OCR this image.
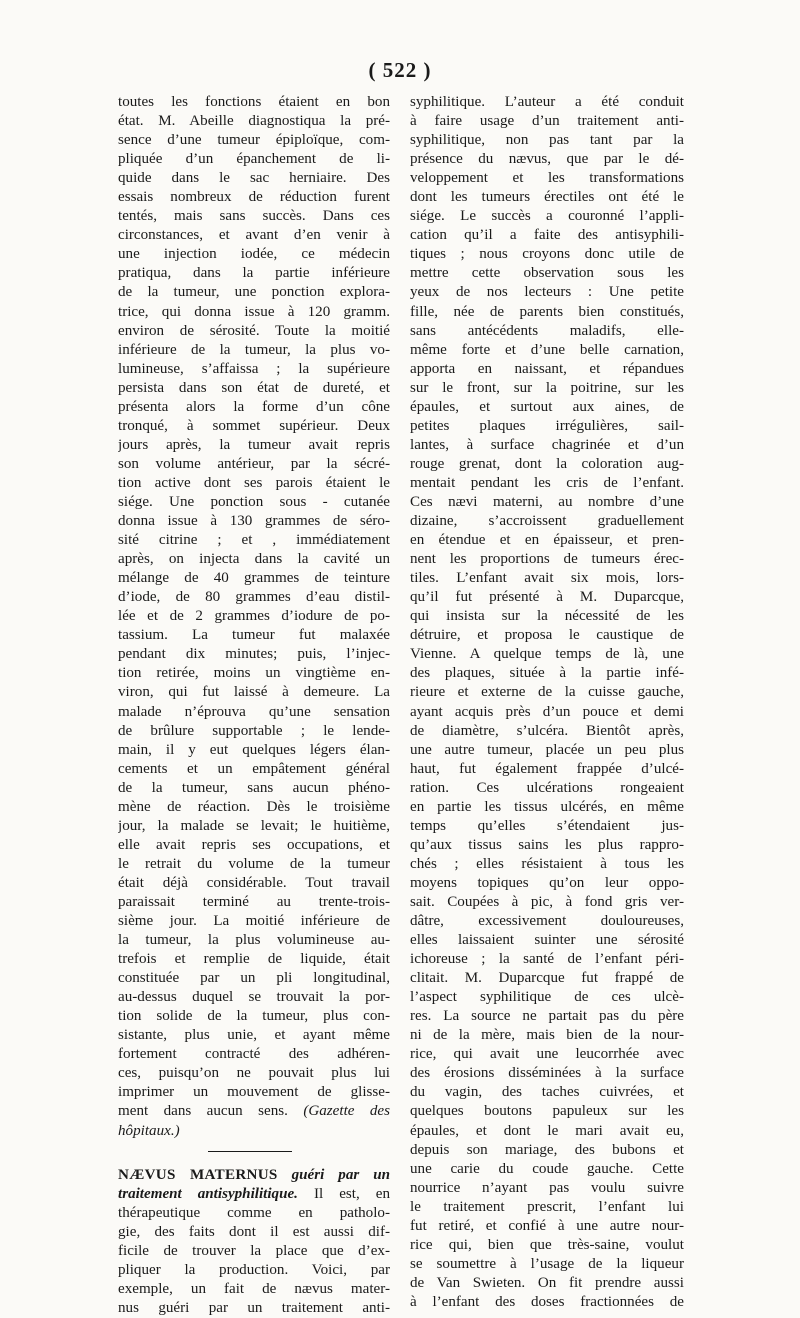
( 522 )
toutes les fonctions étaient en bon
état. M. Abeille diagnostiqua la pré-
sence d’une tumeur épiploïque, com-
pliquée d’un épanchement de li-
quide dans le sac herniaire. Des
essais nombreux de réduction furent
tentés, mais sans succès. Dans ces
circonstances, et avant d’en venir à
une injection iodée, ce médecin
pratiqua, dans la partie inférieure
de la tumeur, une ponction explora-
trice, qui donna issue à 120 gramm.
environ de sérosité. Toute la moitié
inférieure de la tumeur, la plus vo-
lumineuse, s’affaissa ; la supérieure
persista dans son état de dureté, et
présenta alors la forme d’un cône
tronqué, à sommet supérieur. Deux
jours après, la tumeur avait repris
son volume antérieur, par la sécré-
tion active dont ses parois étaient le
siége. Une ponction sous - cutanée
donna issue à 130 grammes de séro-
sité citrine ; et , immédiatement
après, on injecta dans la cavité un
mélange de 40 grammes de teinture
d’iode, de 80 grammes d’eau distil-
lée et de 2 grammes d’iodure de po-
tassium. La tumeur fut malaxée
pendant dix minutes; puis, l’injec-
tion retirée, moins un vingtième en-
viron, qui fut laissé à demeure. La
malade n’éprouva qu’une sensation
de brûlure supportable ; le lende-
main, il y eut quelques légers élan-
cements et un empâtement général
de la tumeur, sans aucun phéno-
mène de réaction. Dès le troisième
jour, la malade se levait; le huitième,
elle avait repris ses occupations, et
le retrait du volume de la tumeur
était déjà considérable. Tout travail
paraissait terminé au trente-trois-
sième jour. La moitié inférieure de
la tumeur, la plus volumineuse au-
trefois et remplie de liquide, était
constituée par un pli longitudinal,
au-dessus duquel se trouvait la por-
tion solide de la tumeur, plus con-
sistante, plus unie, et ayant même
fortement contracté des adhéren-
ces, puisqu’on ne pouvait plus lui
imprimer un mouvement de glisse-
ment dans aucun sens. (Gazette des
hôpitaux.)
NÆVUS MATERNUS guéri par un
traitement antisyphilitique. Il est, en
thérapeutique comme en patholo-
gie, des faits dont il est aussi dif-
ficile de trouver la place que d’ex-
pliquer la production. Voici, par
exemple, un fait de nævus mater-
nus guéri par un traitement anti-
syphilitique. L’auteur a été conduit
à faire usage d’un traitement anti-
syphilitique, non pas tant par la
présence du nævus, que par le dé-
veloppement et les transformations
dont les tumeurs érectiles ont été le
siége. Le succès a couronné l’appli-
cation qu’il a faite des antisyphili-
tiques ; nous croyons donc utile de
mettre cette observation sous les
yeux de nos lecteurs : Une petite
fille, née de parents bien constitués,
sans antécédents maladifs, elle-
même forte et d’une belle carnation,
apporta en naissant, et répandues
sur le front, sur la poitrine, sur les
épaules, et surtout aux aines, de
petites plaques irrégulières, sail-
lantes, à surface chagrinée et d’un
rouge grenat, dont la coloration aug-
mentait pendant les cris de l’enfant.
Ces nævi materni, au nombre d’une
dizaine, s’accroissent graduellement
en étendue et en épaisseur, et pren-
nent les proportions de tumeurs érec-
tiles. L’enfant avait six mois, lors-
qu’il fut présenté à M. Duparcque,
qui insista sur la nécessité de les
détruire, et proposa le caustique de
Vienne. A quelque temps de là, une
des plaques, située à la partie infé-
rieure et externe de la cuisse gauche,
ayant acquis près d’un pouce et demi
de diamètre, s’ulcéra. Bientôt après,
une autre tumeur, placée un peu plus
haut, fut également frappée d’ulcé-
ration. Ces ulcérations rongeaient
en partie les tissus ulcérés, en même
temps qu’elles s’étendaient jus-
qu’aux tissus sains les plus rappro-
chés ; elles résistaient à tous les
moyens topiques qu’on leur oppo-
sait. Coupées à pic, à fond gris ver-
dâtre, excessivement douloureuses,
elles laissaient suinter une sérosité
ichoreuse ; la santé de l’enfant péri-
clitait. M. Duparcque fut frappé de
l’aspect syphilitique de ces ulcè-
res. La source ne partait pas du père
ni de la mère, mais bien de la nour-
rice, qui avait une leucorrhée avec
des érosions disséminées à la surface
du vagin, des taches cuivrées, et
quelques boutons papuleux sur les
épaules, et dont le mari avait eu,
depuis son mariage, des bubons et
une carie du coude gauche. Cette
nourrice n’ayant pas voulu suivre
le traitement prescrit, l’enfant lui
fut retiré, et confié à une autre nour-
rice qui, bien que très-saine, voulut
se soumettre à l’usage de la liqueur
de Van Swieten. On fit prendre aussi
à l’enfant des doses fractionnées de
